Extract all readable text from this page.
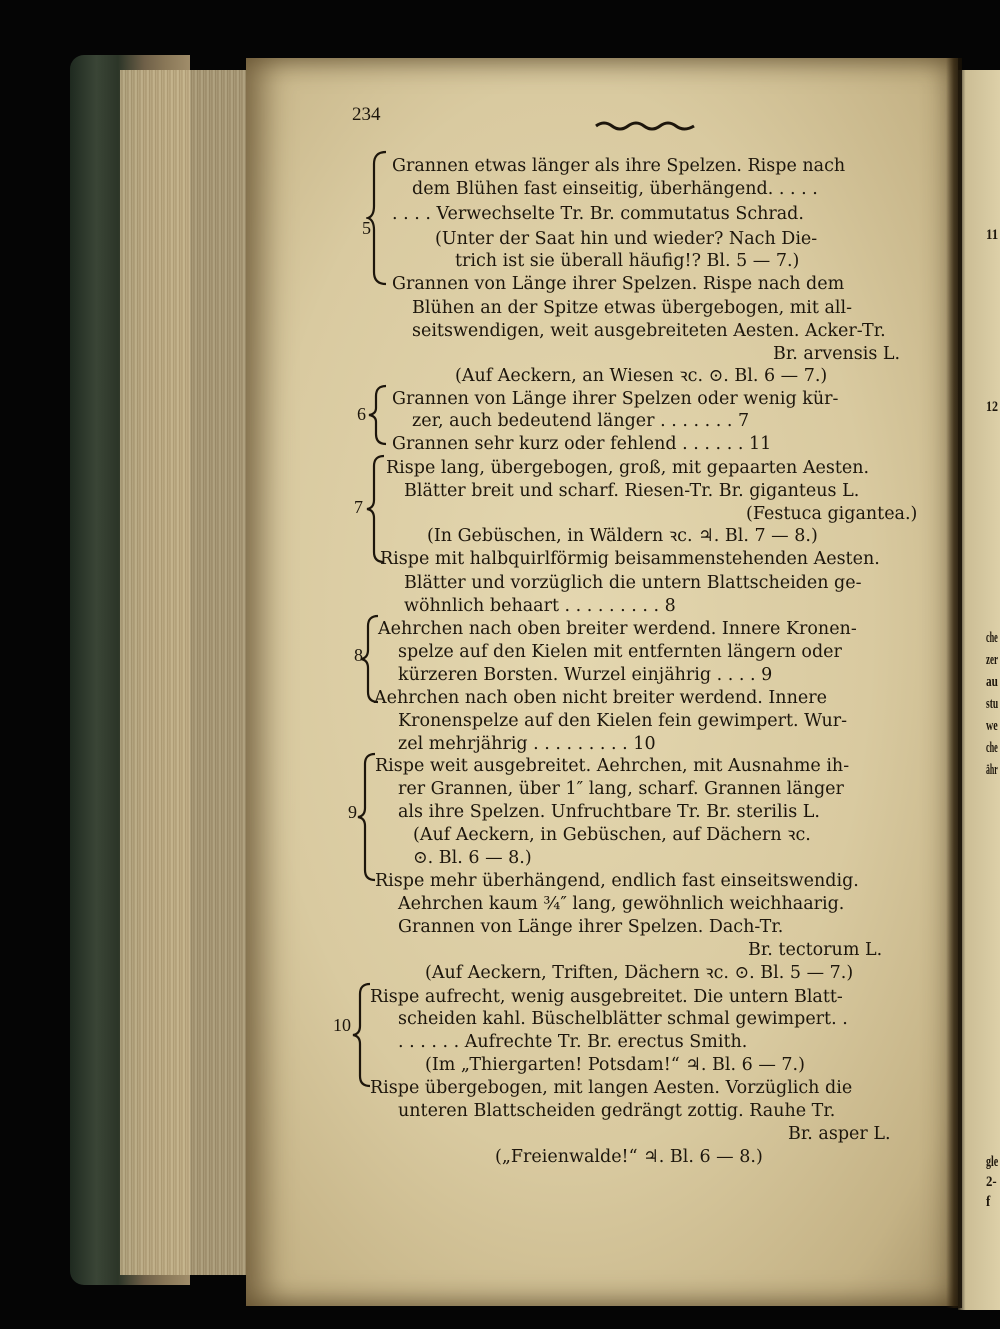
234
Grannen etwas länger als ihre Spelzen. Rispe nach
dem Blühen fast einseitig, überhängend. . . . .
. . . . Verwechselte Tr. Br. commutatus Schrad.
(Unter der Saat hin und wieder? Nach Die-
trich ist sie überall häufig!? Bl. 5 — 7.)
Grannen von Länge ihrer Spelzen. Rispe nach dem
Blühen an der Spitze etwas übergebogen, mit all-
seitswendigen, weit ausgebreiteten Aesten. Acker-Tr.
Br. arvensis L.
(Auf Aeckern, an Wiesen ꝛc. ⊙. Bl. 6 — 7.)
Grannen von Länge ihrer Spelzen oder wenig kür-
zer, auch bedeutend länger . . . . . . . 7
Grannen sehr kurz oder fehlend . . . . . . 11
Rispe lang, übergebogen, groß, mit gepaarten Aesten.
Blätter breit und scharf. Riesen-Tr. Br. giganteus L.
(Festuca gigantea.)
(In Gebüschen, in Wäldern ꝛc. ♃. Bl. 7 — 8.)
Rispe mit halbquirlförmig beisammenstehenden Aesten.
Blätter und vorzüglich die untern Blattscheiden ge-
wöhnlich behaart . . . . . . . . . 8
Aehrchen nach oben breiter werdend. Innere Kronen-
spelze auf den Kielen mit entfernten längern oder
kürzeren Borsten. Wurzel einjährig . . . . 9
Aehrchen nach oben nicht breiter werdend. Innere
Kronenspelze auf den Kielen fein gewimpert. Wur-
zel mehrjährig . . . . . . . . . 10
Rispe weit ausgebreitet. Aehrchen, mit Ausnahme ih-
rer Grannen, über 1″ lang, scharf. Grannen länger
als ihre Spelzen. Unfruchtbare Tr. Br. sterilis L.
(Auf Aeckern, in Gebüschen, auf Dächern ꝛc.
⊙. Bl. 6 — 8.)
Rispe mehr überhängend, endlich fast einseitswendig.
Aehrchen kaum ¾″ lang, gewöhnlich weichhaarig.
Grannen von Länge ihrer Spelzen. Dach-Tr.
Br. tectorum L.
(Auf Aeckern, Triften, Dächern ꝛc. ⊙. Bl. 5 — 7.)
Rispe aufrecht, wenig ausgebreitet. Die untern Blatt-
scheiden kahl. Büschelblätter schmal gewimpert. .
. . . . . . Aufrechte Tr. Br. erectus Smith.
(Im „Thiergarten! Potsdam!“ ♃. Bl. 6 — 7.)
Rispe übergebogen, mit langen Aesten. Vorzüglich die
unteren Blattscheiden gedrängt zottig. Rauhe Tr.
Br. asper L.
(„Freienwalde!“ ♃. Bl. 6 — 8.)
5
6
7
8
9
10
11
12
che
zer
au
stu
we
che
ähr
gle
2-f
